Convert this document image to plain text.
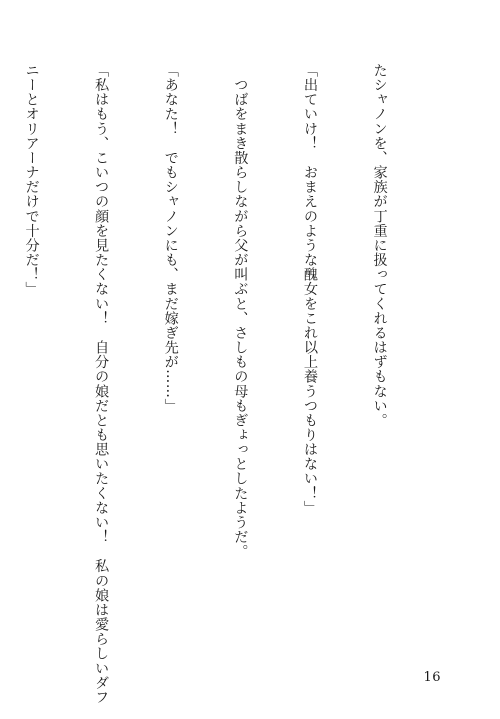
たシャノンを、家族が丁重に扱ってくれるはずもない。

「出ていけ！　おまえのような醜女をこれ以上養うつもりはない！」

　つばをまき散らしながら父が叫ぶと、さしもの母もぎょっとしたようだ。

「あなた！　でもシャノンにも、まだ嫁ぎ先が……」

「私はもう、こいつの顔を見たくない！　自分の娘だとも思いたくない！　私の娘は愛らしいダフ

ニーとオリアーナだけで十分だ！」

16
